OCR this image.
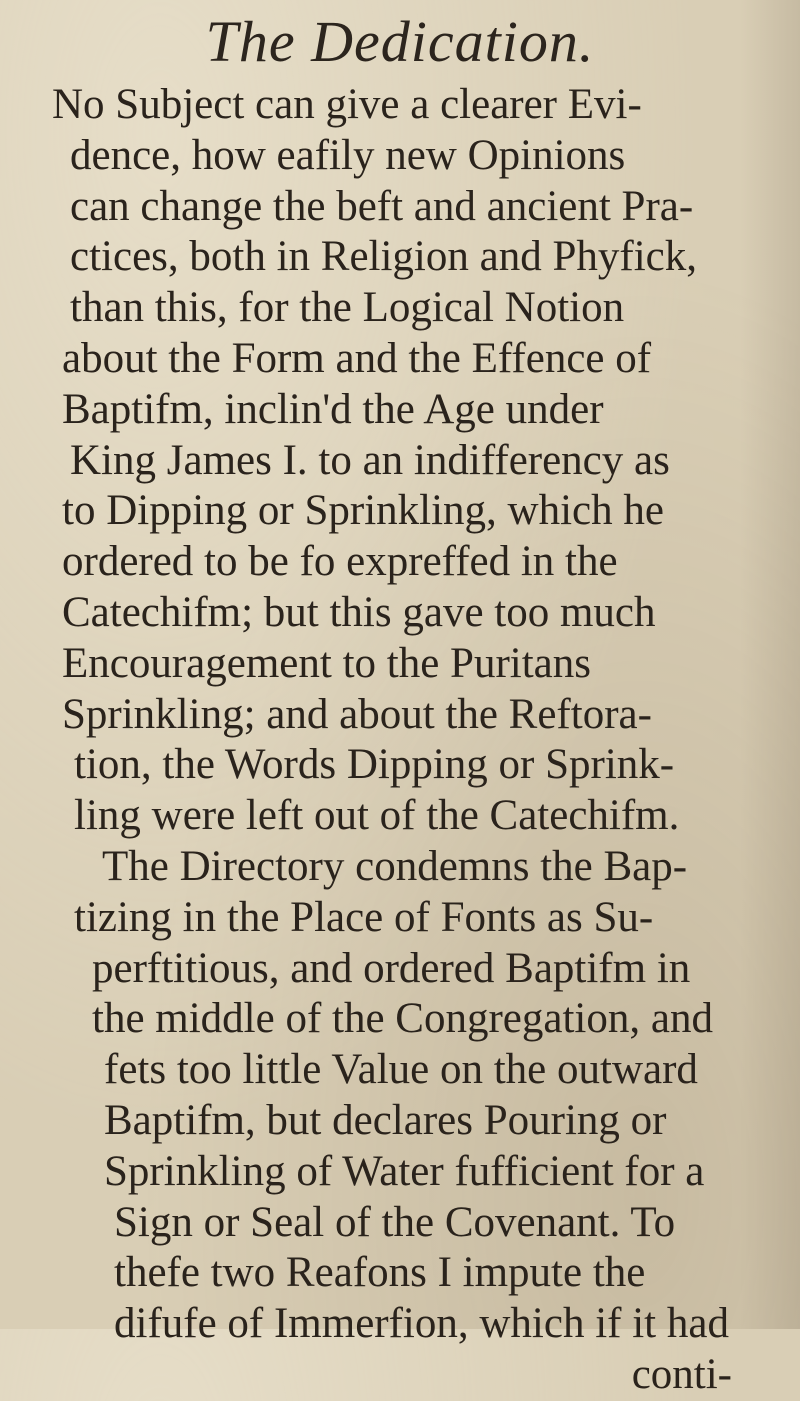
The Dedication.
No Subject can give a clearer Evi-
dence, how eafily new Opinions
can change the beft and ancient Pra-
ctices, both in Religion and Phyfick,
than this, for the Logical Notion
about the Form and the Effence of
Baptifm, inclin'd the Age under
King James I. to an indifferency as
to Dipping or Sprinkling, which he
ordered to be fo expreffed in the
Catechifm; but this gave too much
Encouragement to the Puritans
Sprinkling; and about the Reftora-
tion, the Words Dipping or Sprink-
ling were left out of the Catechifm.
The Directory condemns the Bap-
tizing in the Place of Fonts as Su-
perftitious, and ordered Baptifm in
the middle of the Congregation, and
fets too little Value on the outward
Baptifm, but declares Pouring or
Sprinkling of Water fufficient for a
Sign or Seal of the Covenant. To
thefe two Reafons I impute the
difufe of Immerfion, which if it had
conti-
